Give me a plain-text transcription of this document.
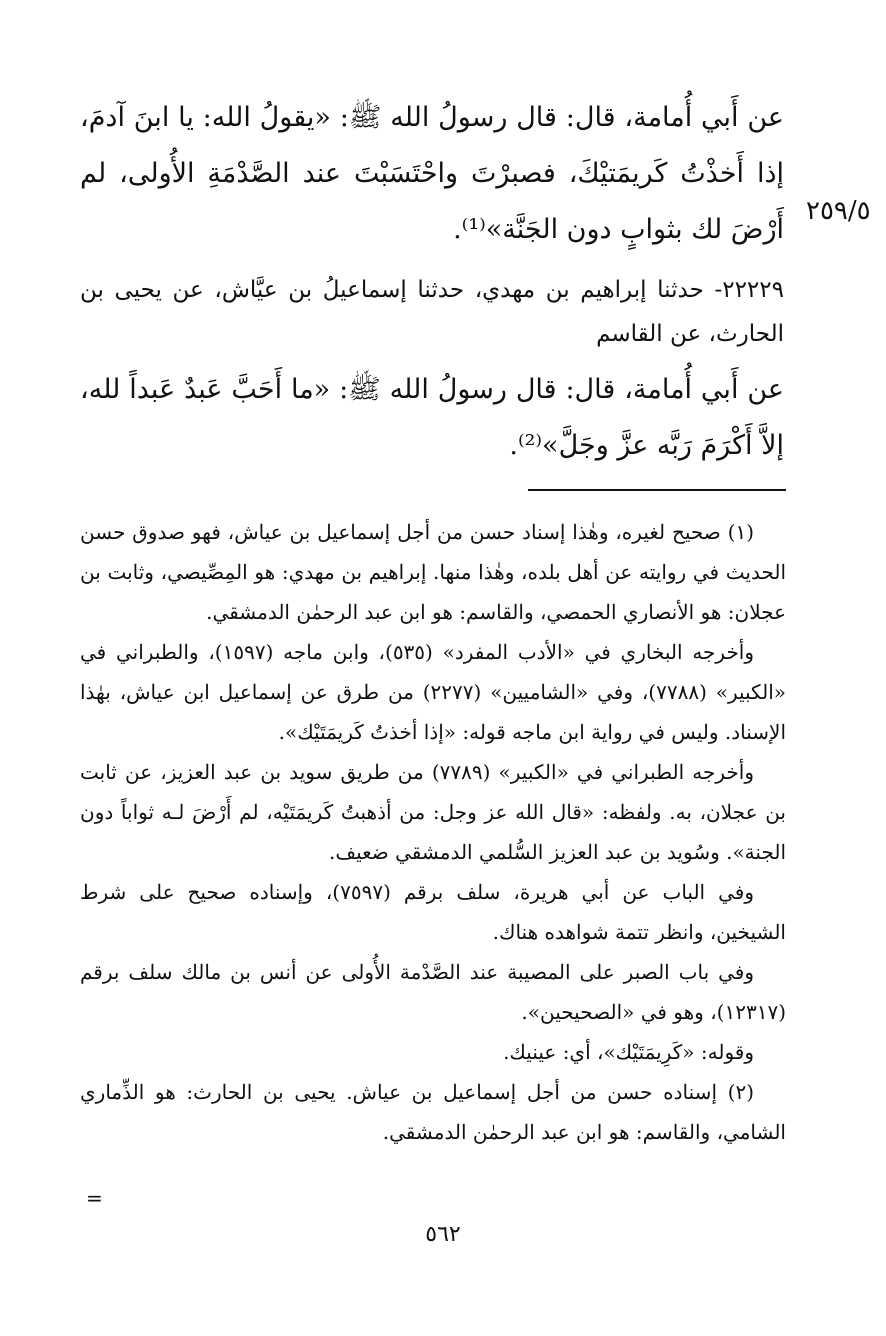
٢٥٩/٥

عن أَبي أُمامة، قال: قال رسولُ الله ﷺ: «يقولُ الله: يا ابنَ آدمَ، إذا أَخذْتُ كَريمَتيْكَ، فصبرْتَ واحْتَسَبْتَ عند الصَّدْمَةِ الأُولى، لم أَرْضَ لك بثوابٍ دون الجَنَّة»⁽¹⁾.

٢٢٢٢٩- حدثنا إبراهيم بن مهدي، حدثنا إسماعيلُ بن عيَّاش، عن يحيى بن الحارث، عن القاسم

عن أَبي أُمامة، قال: قال رسولُ الله ﷺ: «ما أَحَبَّ عَبدٌ عَبداً لله، إلاَّ أَكْرَمَ رَبَّه عزَّ وجَلَّ»⁽²⁾.

(١) صحيح لغيره، وهٰذا إسناد حسن من أجل إسماعيل بن عياش، فهو صدوق حسن الحديث في روايته عن أهل بلده، وهٰذا منها. إبراهيم بن مهدي: هو المِصِّيصي، وثابت بن عجلان: هو الأنصاري الحمصي، والقاسم: هو ابن عبد الرحمٰن الدمشقي.

وأخرجه البخاري في «الأدب المفرد» (٥٣٥)، وابن ماجه (١٥٩٧)، والطبراني في «الكبير» (٧٧٨٨)، وفي «الشاميين» (٢٢٧٧) من طرق عن إسماعيل ابن عياش، بهٰذا الإسناد. وليس في رواية ابن ماجه قوله: «إذا أخذتُ كَريمَتَيْك».

وأخرجه الطبراني في «الكبير» (٧٧٨٩) من طريق سويد بن عبد العزيز، عن ثابت بن عجلان، به. ولفظه: «قال الله عز وجل: من أذهبتُ كَريمَتَيْه، لم أَرْضَ لـه ثواباً دون الجنة». وسُويد بن عبد العزيز السُّلمي الدمشقي ضعيف.

وفي الباب عن أبي هريرة، سلف برقم (٧٥٩٧)، وإسناده صحيح على شرط الشيخين، وانظر تتمة شواهده هناك.

وفي باب الصبر على المصيبة عند الصَّدْمة الأُولى عن أنس بن مالك سلف برقم (١٢٣١٧)، وهو في «الصحيحين».

وقوله: «كَرِيمَتَيْك»، أي: عينيك.

(٢) إسناده حسن من أجل إسماعيل بن عياش. يحيى بن الحارث: هو الذِّماري الشامي، والقاسم: هو ابن عبد الرحمٰن الدمشقي.

=
٥٦٢
